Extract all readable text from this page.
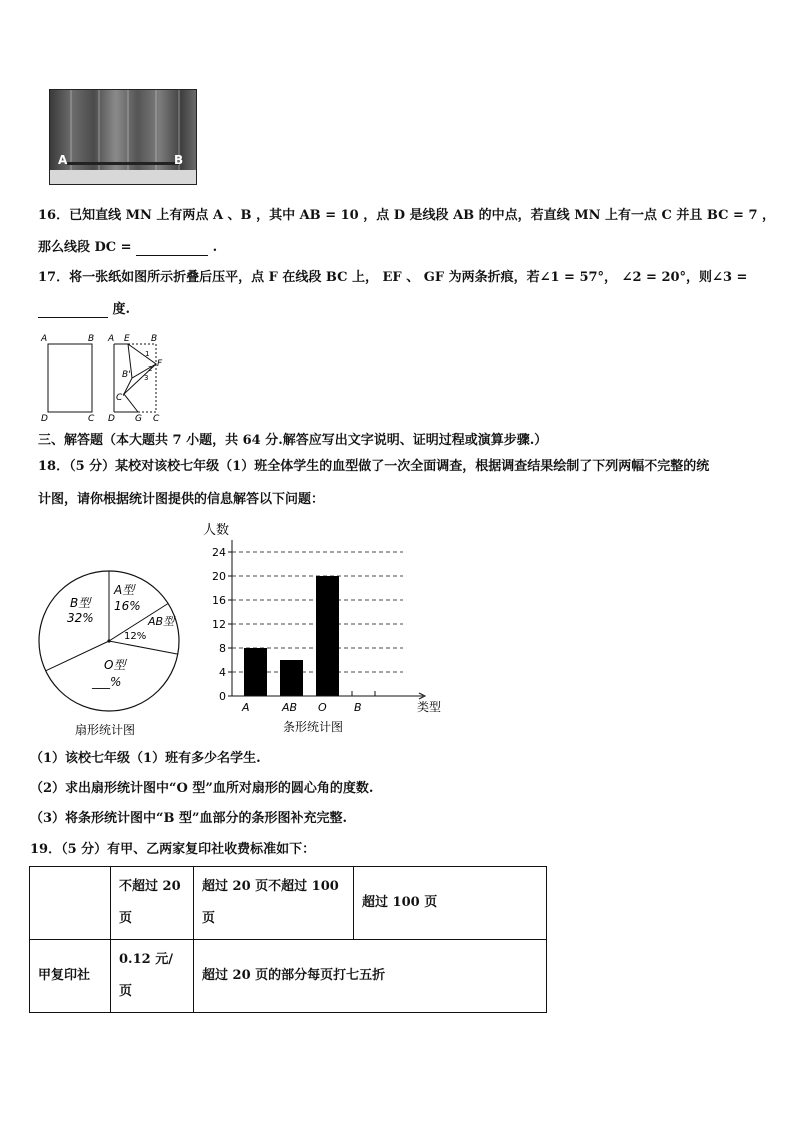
A	B
16．已知直线 MN 上有两点 A 、B ，其中 AB = 10 ，点 D 是线段 AB 的中点，若直线 MN 上有一点 C 并且 BC = 7 ，
那么线段 DC =	.
17．将一张纸如图所示折叠后压平，点 F 在线段 BC 上， EF 、 GF 为两条折痕，若∠1 = 57°， ∠2 = 20°，则∠3 =
度.
A	B
D	C
A E B
F
B'
C'
D G C
1
2
3
三、解答题（本大题共 7 小题，共 64 分.解答应写出文字说明、证明过程或演算步骤.）
18．（5 分）某校对该校七年级（1）班全体学生的血型做了一次全面调查，根据调查结果绘制了下列两幅不完整的统
计图，请你根据统计图提供的信息解答以下问题：
B型
32%
A型
16%
AB型
12%
O型
___%
扇形统计图
人数
0
4
8
12
16
20
24
A	AB O B	类型
条形统计图
（1）该校七年级（1）班有多少名学生.
（2）求出扇形统计图中“O 型”血所对扇形的圆心角的度数.
（3）将条形统计图中“B 型”血部分的条形图补充完整.
19．（5 分）有甲、乙两家复印社收费标准如下：
	不超过 20 页	超过 20 页不超过 100 页	超过 100 页
甲复印社	0.12 元/页	超过 20 页的部分每页打七五折	
